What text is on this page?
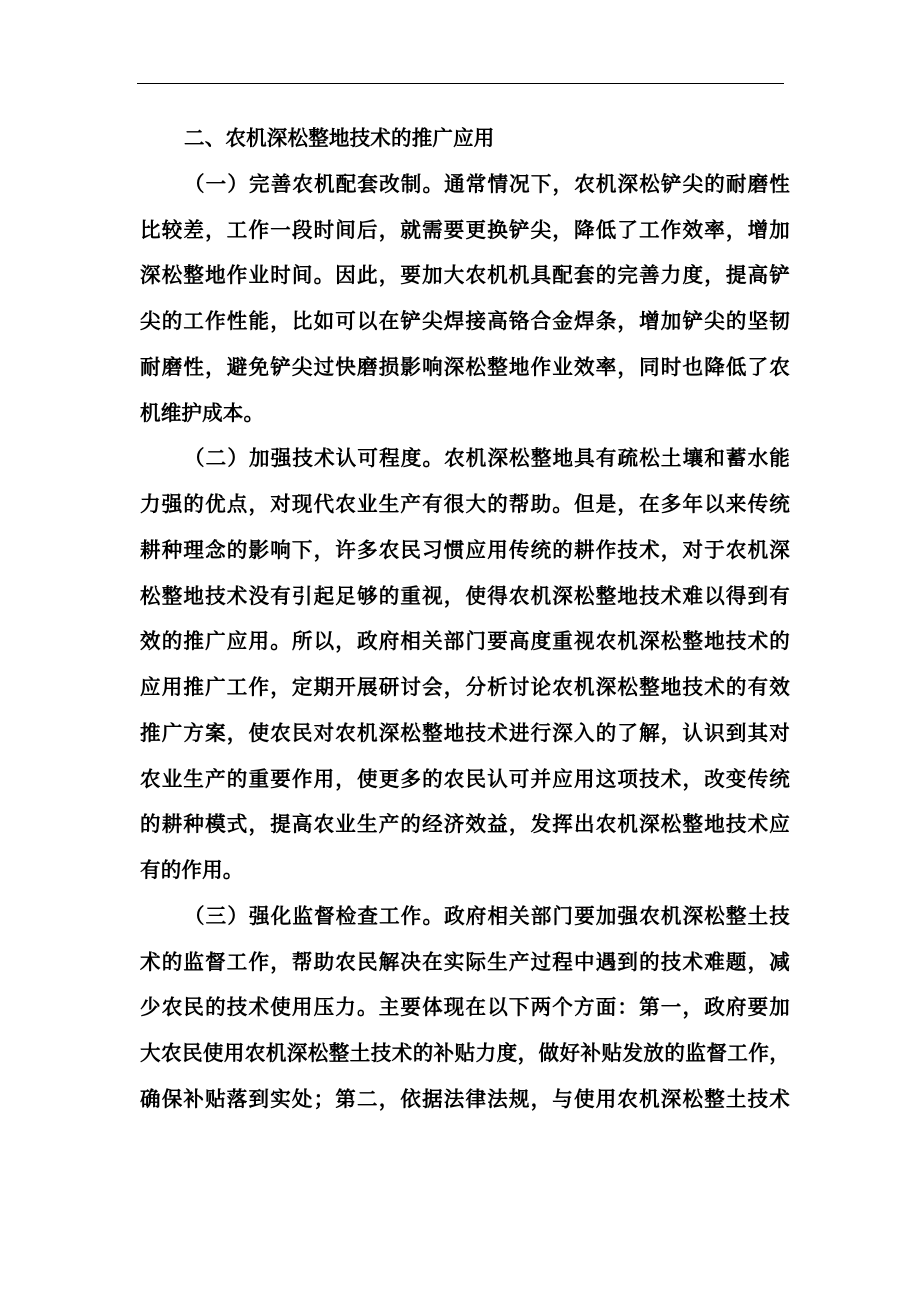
二、农机深松整地技术的推广应用
（一）完善农机配套改制。通常情况下，农机深松铲尖的耐磨性
比较差，工作一段时间后，就需要更换铲尖，降低了工作效率，增加
深松整地作业时间。因此，要加大农机机具配套的完善力度，提高铲
尖的工作性能，比如可以在铲尖焊接高铬合金焊条，增加铲尖的坚韧
耐磨性，避免铲尖过快磨损影响深松整地作业效率，同时也降低了农
机维护成本。
（二）加强技术认可程度。农机深松整地具有疏松土壤和蓄水能
力强的优点，对现代农业生产有很大的帮助。但是，在多年以来传统
耕种理念的影响下，许多农民习惯应用传统的耕作技术，对于农机深
松整地技术没有引起足够的重视，使得农机深松整地技术难以得到有
效的推广应用。所以，政府相关部门要高度重视农机深松整地技术的
应用推广工作，定期开展研讨会，分析讨论农机深松整地技术的有效
推广方案，使农民对农机深松整地技术进行深入的了解，认识到其对
农业生产的重要作用，使更多的农民认可并应用这项技术，改变传统
的耕种模式，提高农业生产的经济效益，发挥出农机深松整地技术应
有的作用。
（三）强化监督检查工作。政府相关部门要加强农机深松整土技
术的监督工作，帮助农民解决在实际生产过程中遇到的技术难题，减
少农民的技术使用压力。主要体现在以下两个方面：第一，政府要加
大农民使用农机深松整土技术的补贴力度，做好补贴发放的监督工作，
确保补贴落到实处；第二，依据法律法规，与使用农机深松整土技术
